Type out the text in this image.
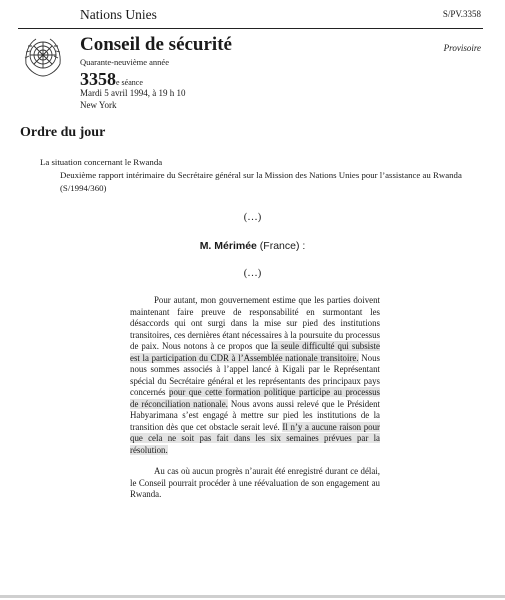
Nations Unies	S/PV.3358
Conseil de sécurité	Provisoire
Quarante-neuvième année
3358e séance
Mardi 5 avril 1994, à 19 h 10
New York
Ordre du jour
La situation concernant le Rwanda
Deuxième rapport intérimaire du Secrétaire général sur la Mission des Nations Unies pour l’assistance au Rwanda (S/1994/360)
(…)
M. Mérimée (France) :
(…)

Pour autant, mon gouvernement estime que les parties doivent maintenant faire preuve de responsabilité en surmontant les désaccords qui ont surgi dans la mise sur pied des institutions transitoires, ces dernières étant nécessaires à la poursuite du processus de paix. Nous notons à ce propos que la seule difficulté qui subsiste est la participation du CDR à l’Assemblée nationale transitoire. Nous nous sommes associés à l’appel lancé à Kigali par le Représentant spécial du Secrétaire général et les représentants des principaux pays concernés pour que cette formation politique participe au processus de réconciliation nationale. Nous avons aussi relevé que le Président Habyarimana s’est engagé à mettre sur pied les institutions de la transition dès que cet obstacle serait levé. Il n’y a aucune raison pour que cela ne soit pas fait dans les six semaines prévues par la résolution.

Au cas où aucun progrès n’aurait été enregistré durant ce délai, le Conseil pourrait procéder à une réévaluation de son engagement au Rwanda.
